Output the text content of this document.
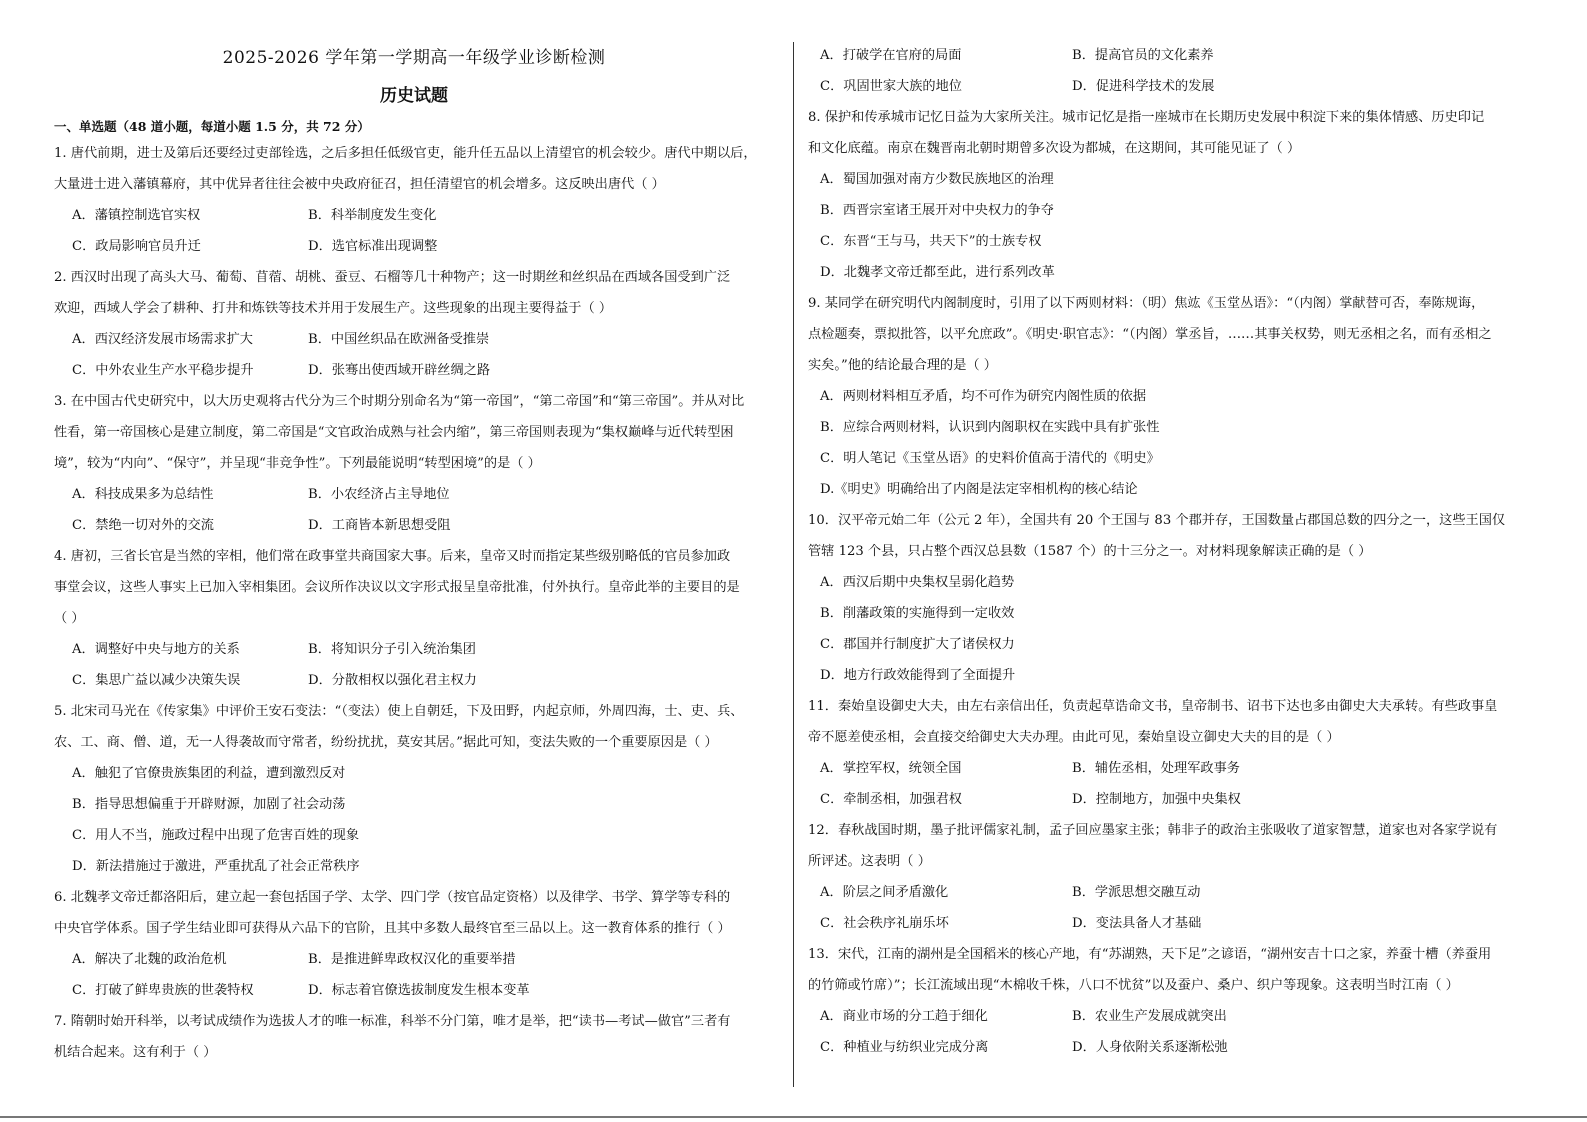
2025-2026 学年第一学期高一年级学业诊断检测
历史试题
一、单选题（48 道小题，每道小题 1.5 分，共 72 分）
1. 唐代前期，进士及第后还要经过吏部铨选，之后多担任低级官吏，能升任五品以上清望官的机会较少。唐代中期以后，
大量进士进入藩镇幕府，其中优异者往往会被中央政府征召，担任清望官的机会增多。这反映出唐代（ ）
A．藩镇控制选官实权	B．科举制度发生变化
C．政局影响官员升迁	D．选官标准出现调整
2. 西汉时出现了高头大马、葡萄、苜蓿、胡桃、蚕豆、石榴等几十种物产；这一时期丝和丝织品在西域各国受到广泛
欢迎，西域人学会了耕种、打井和炼铁等技术并用于发展生产。这些现象的出现主要得益于（ ）
A．西汉经济发展市场需求扩大	B．中国丝织品在欧洲备受推崇
C．中外农业生产水平稳步提升	D．张骞出使西域开辟丝绸之路
3. 在中国古代史研究中，以大历史观将古代分为三个时期分别命名为“第一帝国”，“第二帝国”和“第三帝国”。并从对比
性看，第一帝国核心是建立制度，第二帝国是“文官政治成熟与社会内缩”，第三帝国则表现为“集权巅峰与近代转型困
境”，较为“内向”、“保守”，并呈现“非竞争性”。下列最能说明“转型困境”的是（ ）
A．科技成果多为总结性	B．小农经济占主导地位
C．禁绝一切对外的交流	D．工商皆本新思想受阻
4. 唐初，三省长官是当然的宰相，他们常在政事堂共商国家大事。后来，皇帝又时而指定某些级别略低的官员参加政
事堂会议，这些人事实上已加入宰相集团。会议所作决议以文字形式报呈皇帝批准，付外执行。皇帝此举的主要目的是
（ ）
A．调整好中央与地方的关系	B．将知识分子引入统治集团
C．集思广益以减少决策失误	D．分散相权以强化君主权力
5. 北宋司马光在《传家集》中评价王安石变法：“（变法）使上自朝廷，下及田野，内起京师，外周四海，士、吏、兵、
农、工、商、僧、道，无一人得袭故而守常者，纷纷扰扰，莫安其居。”据此可知，变法失败的一个重要原因是（ ）
A．触犯了官僚贵族集团的利益，遭到激烈反对
B．指导思想偏重于开辟财源，加剧了社会动荡
C．用人不当，施政过程中出现了危害百姓的现象
D．新法措施过于激进，严重扰乱了社会正常秩序
6. 北魏孝文帝迁都洛阳后，建立起一套包括国子学、太学、四门学（按官品定资格）以及律学、书学、算学等专科的
中央官学体系。国子学生结业即可获得从六品下的官阶，且其中多数人最终官至三品以上。这一教育体系的推行（ ）
A．解决了北魏的政治危机	B．是推进鲜卑政权汉化的重要举措
C．打破了鲜卑贵族的世袭特权	D．标志着官僚选拔制度发生根本变革
7. 隋朝时始开科举，以考试成绩作为选拔人才的唯一标准，科举不分门第，唯才是举，把“读书—考试—做官”三者有
机结合起来。这有利于（ ）
A．打破学在官府的局面	B．提高官员的文化素养
C．巩固世家大族的地位	D．促进科学技术的发展
8. 保护和传承城市记忆日益为大家所关注。城市记忆是指一座城市在长期历史发展中积淀下来的集体情感、历史印记
和文化底蕴。南京在魏晋南北朝时期曾多次设为都城，在这期间，其可能见证了（ ）
A．蜀国加强对南方少数民族地区的治理
B．西晋宗室诸王展开对中央权力的争夺
C．东晋“王与马，共天下”的士族专权
D．北魏孝文帝迁都至此，进行系列改革
9. 某同学在研究明代内阁制度时，引用了以下两则材料：（明）焦竑《玉堂丛语》：“（内阁）掌献替可否，奉陈规诲，
点检题奏，票拟批答，以平允庶政”。《明史·职官志》：“（内阁）掌丞旨，……其事关权势，则无丞相之名，而有丞相之
实矣。”他的结论最合理的是（ ）
A．两则材料相互矛盾，均不可作为研究内阁性质的依据
B．应综合两则材料，认识到内阁职权在实践中具有扩张性
C．明人笔记《玉堂丛语》的史料价值高于清代的《明史》
D.《明史》明确给出了内阁是法定宰相机构的核心结论
10．汉平帝元始二年（公元 2 年），全国共有 20 个王国与 83 个郡并存，王国数量占郡国总数的四分之一，这些王国仅
管辖 123 个县，只占整个西汉总县数（1587 个）的十三分之一。对材料现象解读正确的是（ ）
A．西汉后期中央集权呈弱化趋势
B．削藩政策的实施得到一定收效
C．郡国并行制度扩大了诸侯权力
D．地方行政效能得到了全面提升
11．秦始皇设御史大夫，由左右亲信出任，负责起草诰命文书，皇帝制书、诏书下达也多由御史大夫承转。有些政事皇
帝不愿差使丞相，会直接交给御史大夫办理。由此可见，秦始皇设立御史大夫的目的是（ ）
A．掌控军权，统领全国	B．辅佐丞相，处理军政事务
C．牵制丞相，加强君权	D．控制地方，加强中央集权
12．春秋战国时期，墨子批评儒家礼制，孟子回应墨家主张；韩非子的政治主张吸收了道家智慧，道家也对各家学说有
所评述。这表明（ ）
A．阶层之间矛盾激化	B．学派思想交融互动
C．社会秩序礼崩乐坏	D．变法具备人才基础
13．宋代，江南的湖州是全国稻米的核心产地，有“苏湖熟，天下足”之谚语，“湖州安吉十口之家，养蚕十槽（养蚕用
的竹筛或竹席）”；长江流域出现“木棉收千株，八口不忧贫”以及蚕户、桑户、织户等现象。这表明当时江南（ ）
A．商业市场的分工趋于细化	B．农业生产发展成就突出
C．种植业与纺织业完成分离	D．人身依附关系逐渐松弛
